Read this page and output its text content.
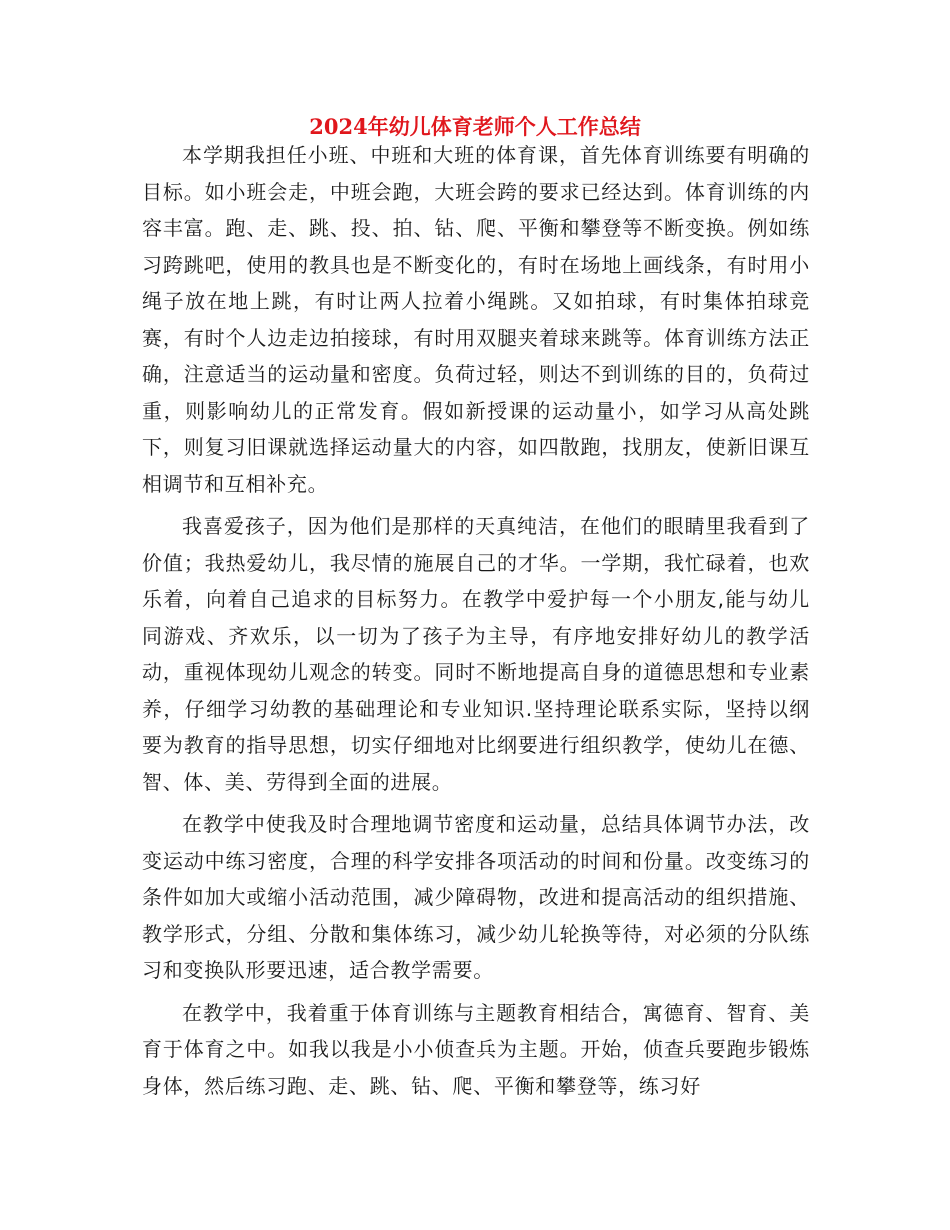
2024年幼儿体育老师个人工作总结

本学期我担任小班、中班和大班的体育课，首先体育训练要有明确的目标。如小班会走，中班会跑，大班会跨的要求已经达到。体育训练的内容丰富。跑、走、跳、投、拍、钻、爬、平衡和攀登等不断变换。例如练习跨跳吧，使用的教具也是不断变化的，有时在场地上画线条，有时用小绳子放在地上跳，有时让两人拉着小绳跳。又如拍球，有时集体拍球竞赛，有时个人边走边拍接球，有时用双腿夹着球来跳等。体育训练方法正确，注意适当的运动量和密度。负荷过轻，则达不到训练的目的，负荷过重，则影响幼儿的正常发育。假如新授课的运动量小，如学习从高处跳下，则复习旧课就选择运动量大的内容，如四散跑，找朋友，使新旧课互相调节和互相补充。

我喜爱孩子，因为他们是那样的天真纯洁，在他们的眼睛里我看到了价值；我热爱幼儿，我尽情的施展自己的才华。一学期，我忙碌着，也欢乐着，向着自己追求的目标努力。在教学中爱护每一个小朋友,能与幼儿同游戏、齐欢乐，以一切为了孩子为主导，有序地安排好幼儿的教学活动，重视体现幼儿观念的转变。同时不断地提高自身的道德思想和专业素养，仔细学习幼教的基础理论和专业知识.坚持理论联系实际，坚持以纲要为教育的指导思想，切实仔细地对比纲要进行组织教学，使幼儿在德、智、体、美、劳得到全面的进展。

在教学中使我及时合理地调节密度和运动量，总结具体调节办法，改变运动中练习密度，合理的科学安排各项活动的时间和份量。改变练习的条件如加大或缩小活动范围，减少障碍物，改进和提高活动的组织措施、教学形式，分组、分散和集体练习，减少幼儿轮换等待，对必须的分队练习和变换队形要迅速，适合教学需要。

在教学中，我着重于体育训练与主题教育相结合，寓德育、智育、美育于体育之中。如我以我是小小侦查兵为主题。开始，侦查兵要跑步锻炼身体，然后练习跑、走、跳、钻、爬、平衡和攀登等，练习好
